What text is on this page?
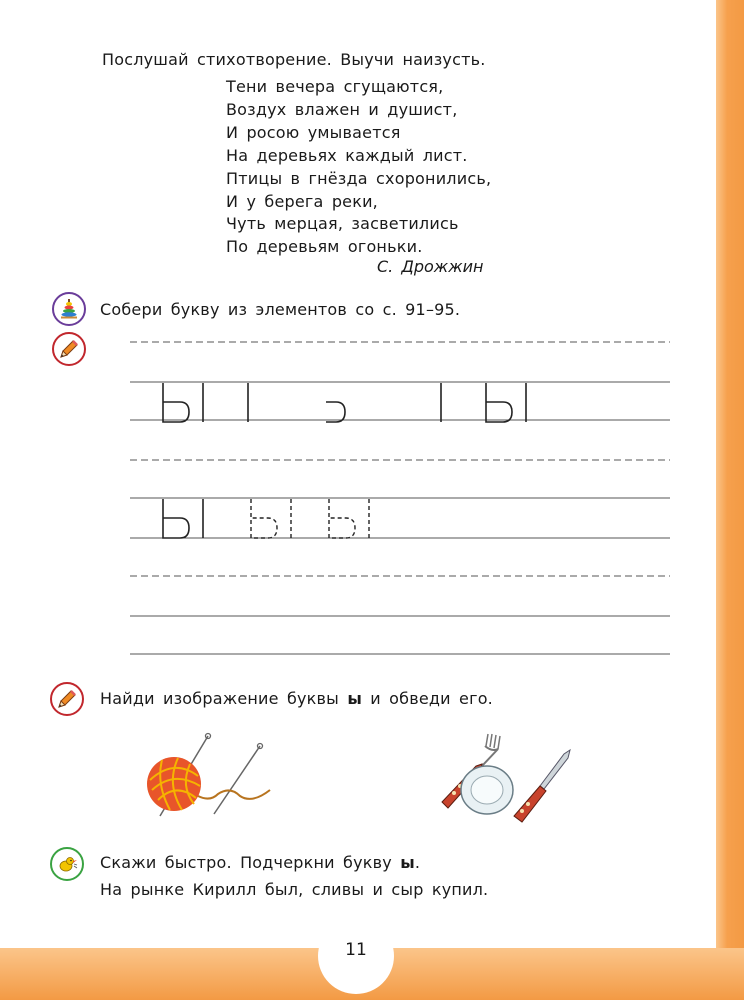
11
Послушай стихотворение. Выучи наизусть.
Тени вечера сгущаются,
Воздух влажен и душист,
И росою умывается
На деревьях каждый лист.
Птицы в гнёзда схоронились,
И у берега реки,
Чуть мерцая, засветились
По деревьям огоньки.
С. Дрожжин
Собери букву из элементов со с. 91–95.
Найди изображение буквы ы и обведи его.
Скажи быстро. Подчеркни букву ы.
На рынке Кирилл был, сливы и сыр купил.
